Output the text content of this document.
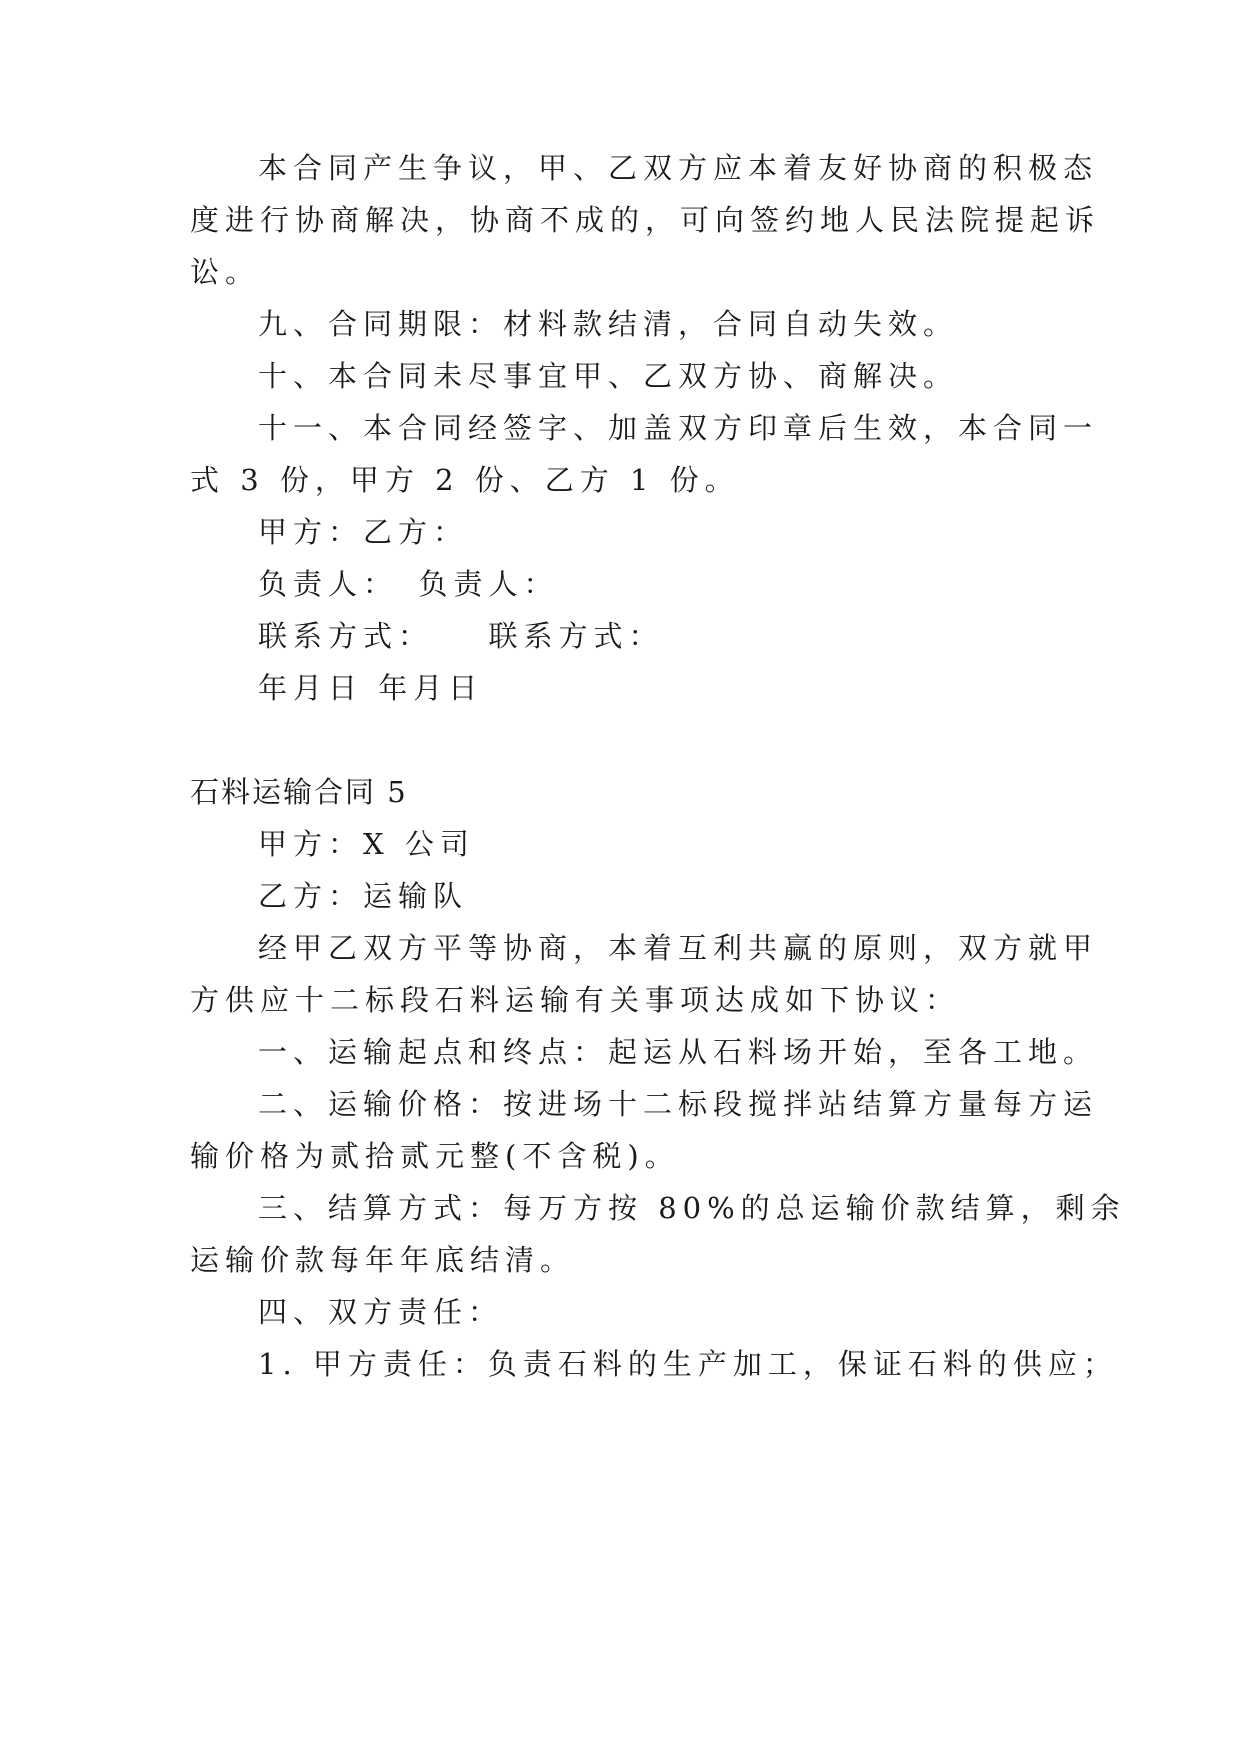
本合同产生争议，甲、乙双方应本着友好协商的积极态
度进行协商解决，协商不成的，可向签约地人民法院提起诉
讼。
九、合同期限：材料款结清，合同自动失效。
十、本合同未尽事宜甲、乙双方协、商解决。
十一、本合同经签字、加盖双方印章后生效，本合同一
式 3 份，甲方 2 份、乙方 1 份。
甲方：乙方：
负责人：　负责人：
联系方式：　　联系方式：
年月日 年月日
石料运输合同 5
甲方：X 公司
乙方：运输队
经甲乙双方平等协商，本着互利共赢的原则，双方就甲
方供应十二标段石料运输有关事项达成如下协议：
一、运输起点和终点：起运从石料场开始，至各工地。
二、运输价格：按进场十二标段搅拌站结算方量每方运
输价格为贰拾贰元整(不含税)。
三、结算方式：每万方按 80%的总运输价款结算，剩余
运输价款每年年底结清。
四、双方责任：
1. 甲方责任：负责石料的生产加工，保证石料的供应；
